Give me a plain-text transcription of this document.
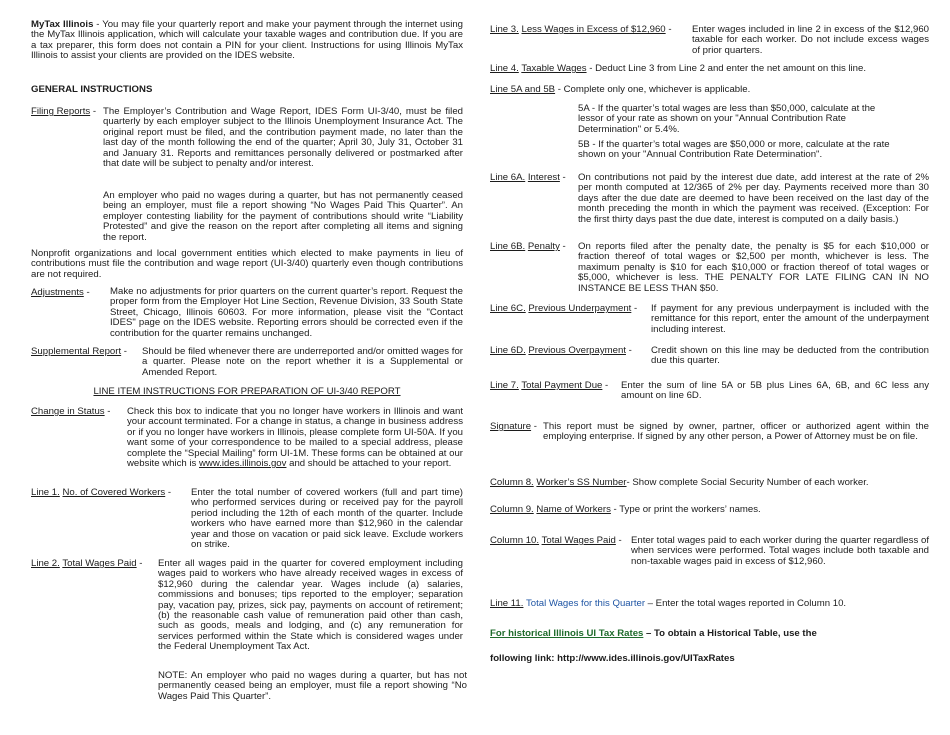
MyTax Illinois - You may file your quarterly report and make your payment through the internet using the MyTax Illinois application, which will calculate your taxable wages and contribution due. If you are a tax preparer, this form does not contain a PIN for your client. Instructions for using Illinois MyTax Illinois to assist your clients are provided on the IDES website.
GENERAL INSTRUCTIONS
Filing Reports - The Employer’s Contribution and Wage Report, IDES Form UI-3/40, must be filed quarterly by each employer subject to the Illinois Unemployment Insurance Act. The original report must be filed, and the contribution payment made, no later than the last day of the month following the end of the quarter; April 30, July 31, October 31 and January 31. Reports and remittances personally delivered or postmarked after that date will be subject to penalty and/or interest.
An employer who paid no wages during a quarter, but has not permanently ceased being an employer, must file a report showing “No Wages Paid This Quarter”. An employer contesting liability for the payment of contributions should write “Liability Protested” and give the reason on the report after completing all items and signing the report.
Nonprofit organizations and local government entities which elected to make payments in lieu of contributions must file the contribution and wage report (UI-3/40) quarterly even though contributions are not required.
Adjustments - Make no adjustments for prior quarters on the current quarter’s report. Request the proper form from the Employer Hot Line Section, Revenue Division, 33 South State Street, Chicago, Illinois 60603. For more information, please visit the "Contact IDES" page on the IDES website. Reporting errors should be corrected even if the contribution for the quarter remains unchanged.
Supplemental Report - Should be filed whenever there are underreported and/or omitted wages for a quarter. Please note on the report whether it is a Supplemental or Amended Report.
LINE ITEM INSTRUCTIONS FOR PREPARATION OF UI-3/40 REPORT
Change in Status - Check this box to indicate that you no longer have workers in Illinois and want your account terminated. For a change in status, a change in business address or if you no longer have workers in Illinois, please complete form UI-50A. If you want some of your correspondence to be mailed to a special address, please complete the “Special Mailing” form UI-1M. These forms can be obtained at our website which is www.ides.illinois.gov and should be attached to your report.
Line 1. No. of Covered Workers - Enter the total number of covered workers (full and part time) who performed services during or received pay for the payroll period including the 12th of each month of the quarter. Include workers who have earned more than $12,960 in the calendar year and those on vacation or paid sick leave. Exclude workers on strike.
Line 2. Total Wages Paid - Enter all wages paid in the quarter for covered employment including wages paid to workers who have already received wages in excess of $12,960 during the calendar year. Wages include (a) salaries, commissions and bonuses; tips reported to the employer; separation pay, vacation pay, prizes, sick pay, payments on account of retirement; (b) the reasonable cash value of remuneration paid other than cash, such as goods, meals and lodging, and (c) any remuneration for services performed within the State which is considered wages under the Federal Unemployment Tax Act.
NOTE: An employer who paid no wages during a quarter, but has not permanently ceased being an employer, must file a report showing “No Wages Paid This Quarter”.
Line 3. Less Wages in Excess of $12,960 - Enter wages included in line 2 in excess of the $12,960 taxable for each worker. Do not include excess wages of prior quarters.
Line 4. Taxable Wages - Deduct Line 3 from Line 2 and enter the net amount on this line.
Line 5A and 5B - Complete only one, whichever is applicable.
5A - If the quarter’s total wages are less than $50,000, calculate at the lessor of your rate as shown on your "Annual Contribution Rate Determination" or 5.4%.
5B - If the quarter’s total wages are $50,000 or more, calculate at the rate shown on your "Annual Contribution Rate Determination".
Line 6A. Interest - On contributions not paid by the interest due date, add interest at the rate of 2% per month computed at 12/365 of 2% per day. Payments received more than 30 days after the due date are deemed to have been received on the last day of the month preceding the month in which the payment was received. (Exception: For the first thirty days past the due date, interest is computed on a daily basis.)
Line 6B. Penalty - On reports filed after the penalty date, the penalty is $5 for each $10,000 or fraction thereof of total wages or $2,500 per month, whichever is less. The maximum penalty is $10 for each $10,000 or fraction thereof of total wages or $5,000, whichever is less. THE PENALTY FOR LATE FILING CAN IN NO INSTANCE BE LESS THAN $50.
Line 6C. Previous Underpayment - If payment for any previous underpayment is included with the remittance for this report, enter the amount of the underpayment including interest.
Line 6D. Previous Overpayment - Credit shown on this line may be deducted from the contribution due this quarter.
Line 7. Total Payment Due - Enter the sum of line 5A or 5B plus Lines 6A, 6B, and 6C less any amount on line 6D.
Signature - This report must be signed by owner, partner, officer or authorized agent within the employing enterprise. If signed by any other person, a Power of Attorney must be on file.
Column 8. Worker’s SS Number- Show complete Social Security Number of each worker.
Column 9. Name of Workers - Type or print the workers’ names.
Column 10. Total Wages Paid - Enter total wages paid to each worker during the quarter regardless of when services were performed. Total wages include both taxable and non-taxable wages paid in excess of $12,960.
Line 11. Total Wages for this Quarter – Enter the total wages reported in Column 10.
For historical Illinois UI Tax Rates – To obtain a Historical Table, use the
following link: http://www.ides.illinois.gov/UITaxRates
